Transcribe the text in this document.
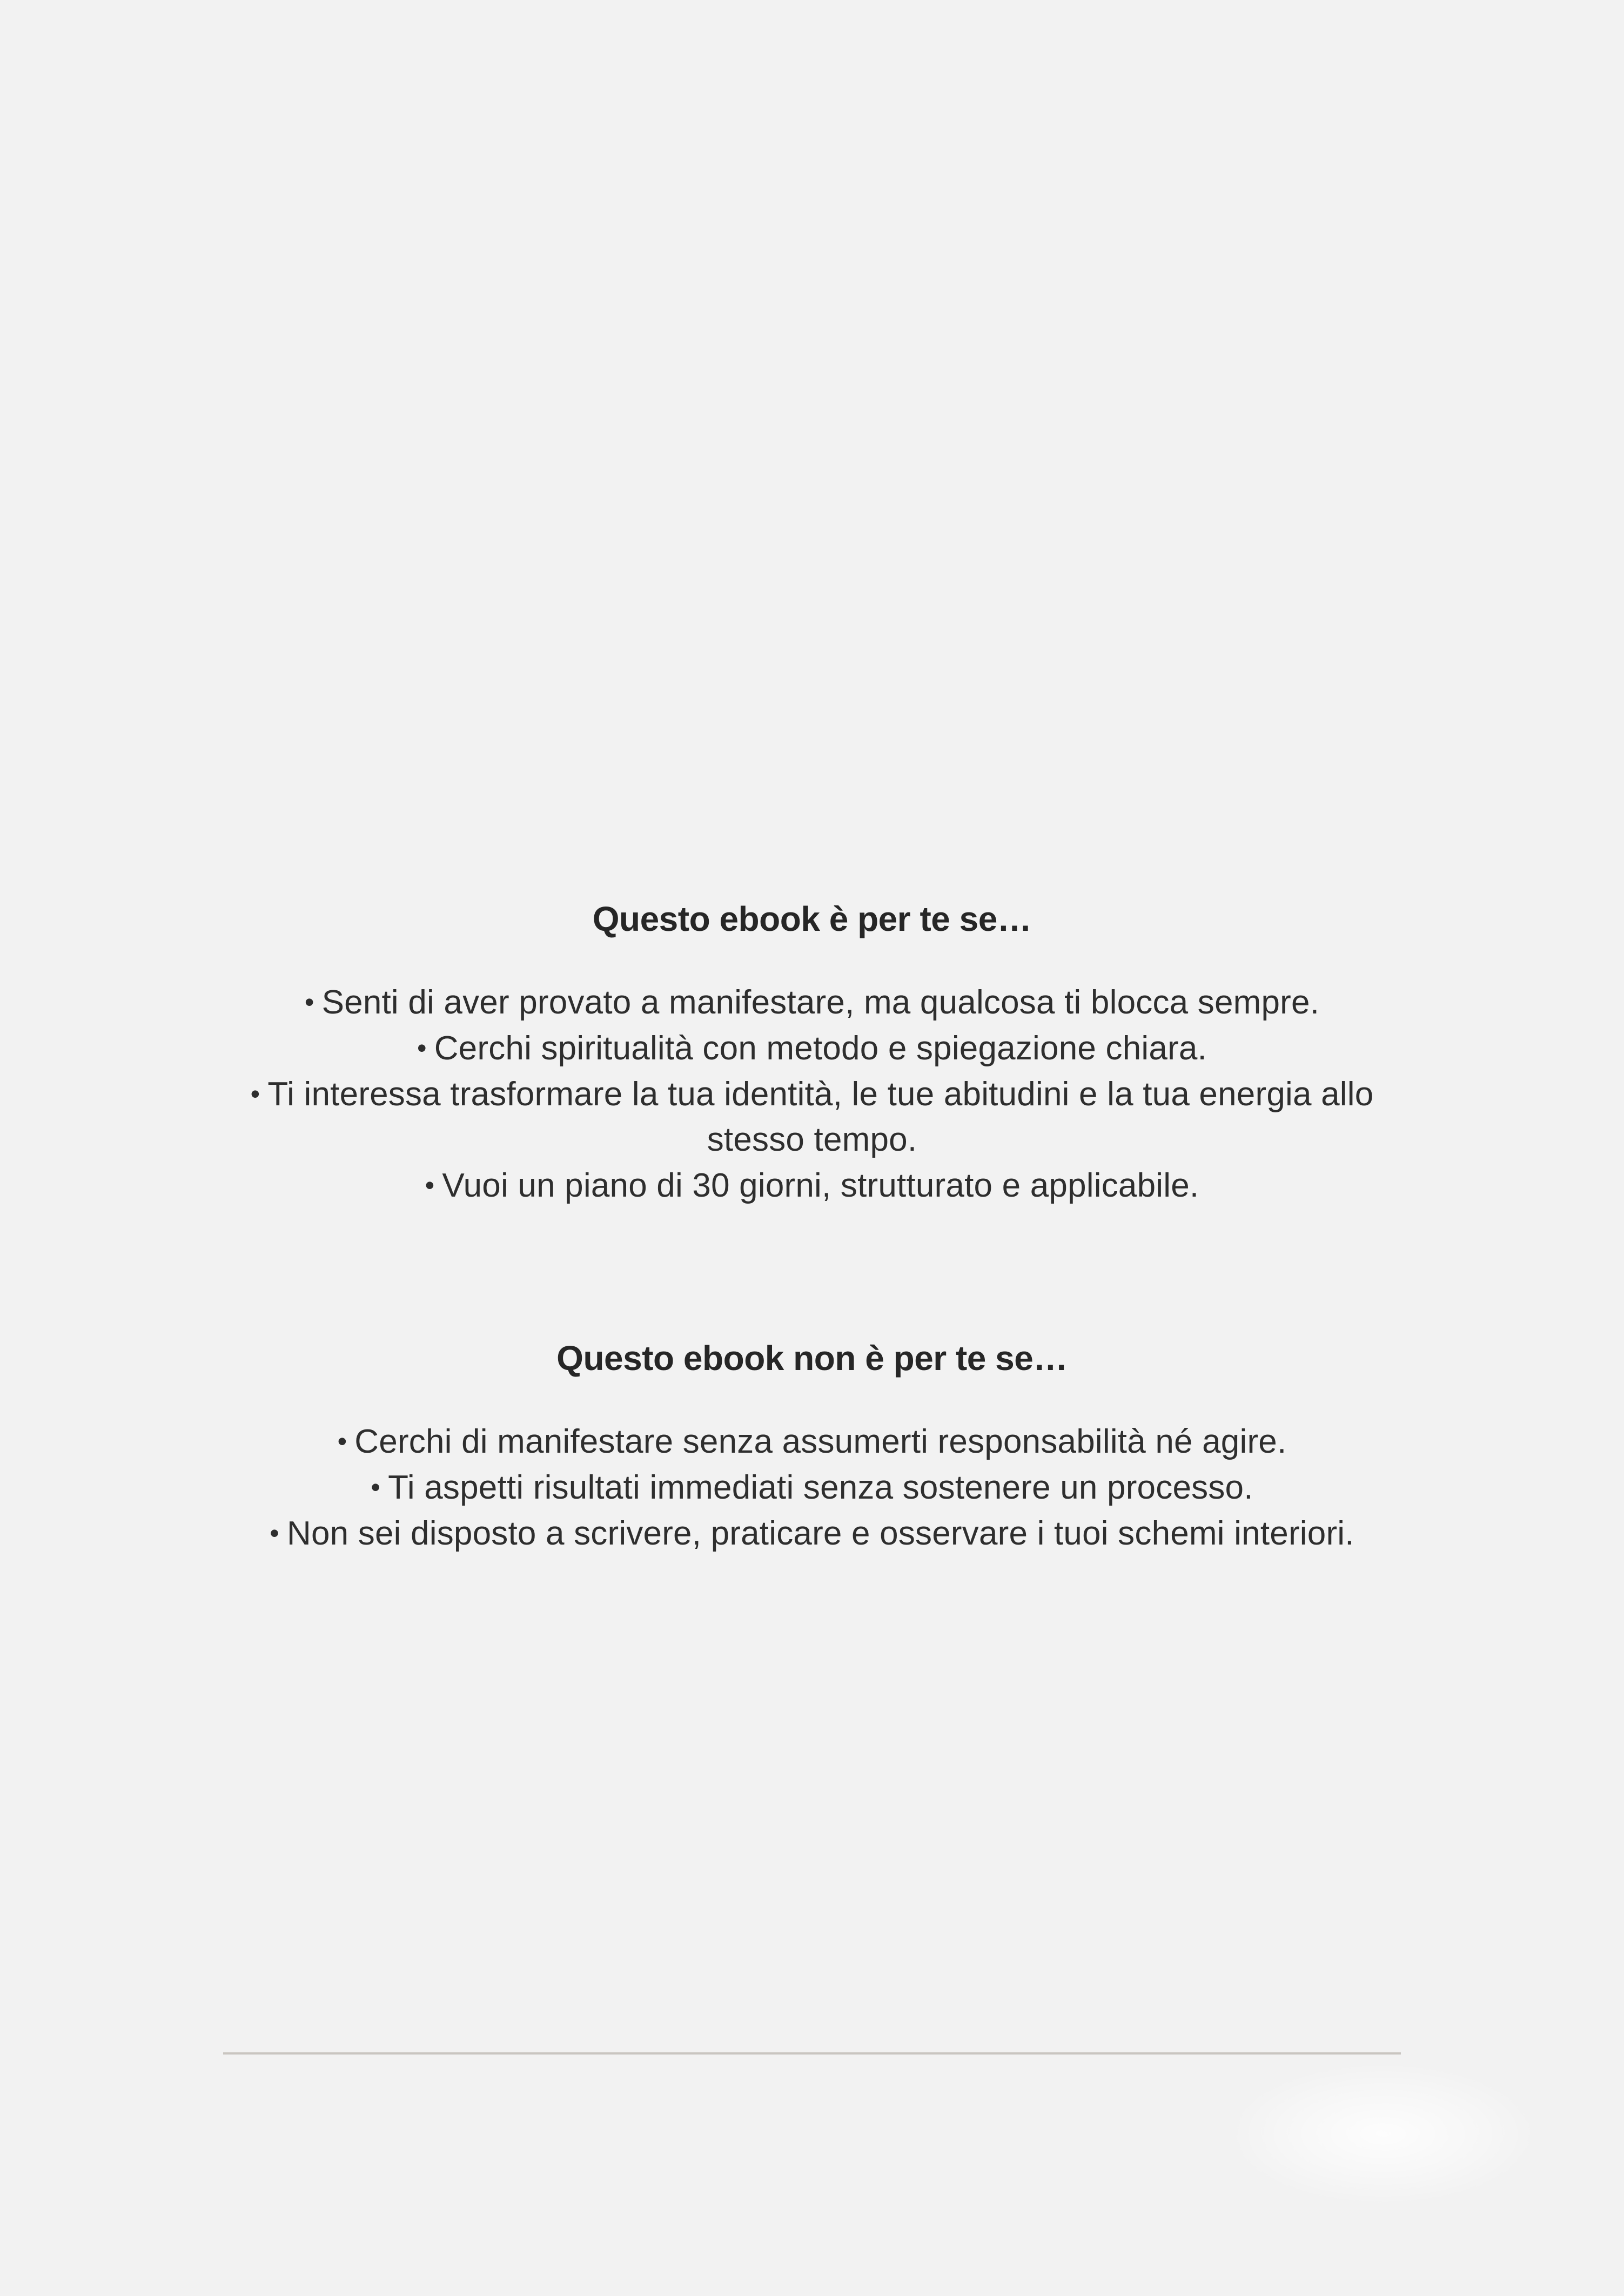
Questo ebook è per te se…
• Senti di aver provato a manifestare, ma qualcosa ti blocca sempre.
• Cerchi spiritualità con metodo e spiegazione chiara.
• Ti interessa trasformare la tua identità, le tue abitudini e la tua energia allo stesso tempo.
• Vuoi un piano di 30 giorni, strutturato e applicabile.
Questo ebook non è per te se…
• Cerchi di manifestare senza assumerti responsabilità né agire.
• Ti aspetti risultati immediati senza sostenere un processo.
• Non sei disposto a scrivere, praticare e osservare i tuoi schemi interiori.
